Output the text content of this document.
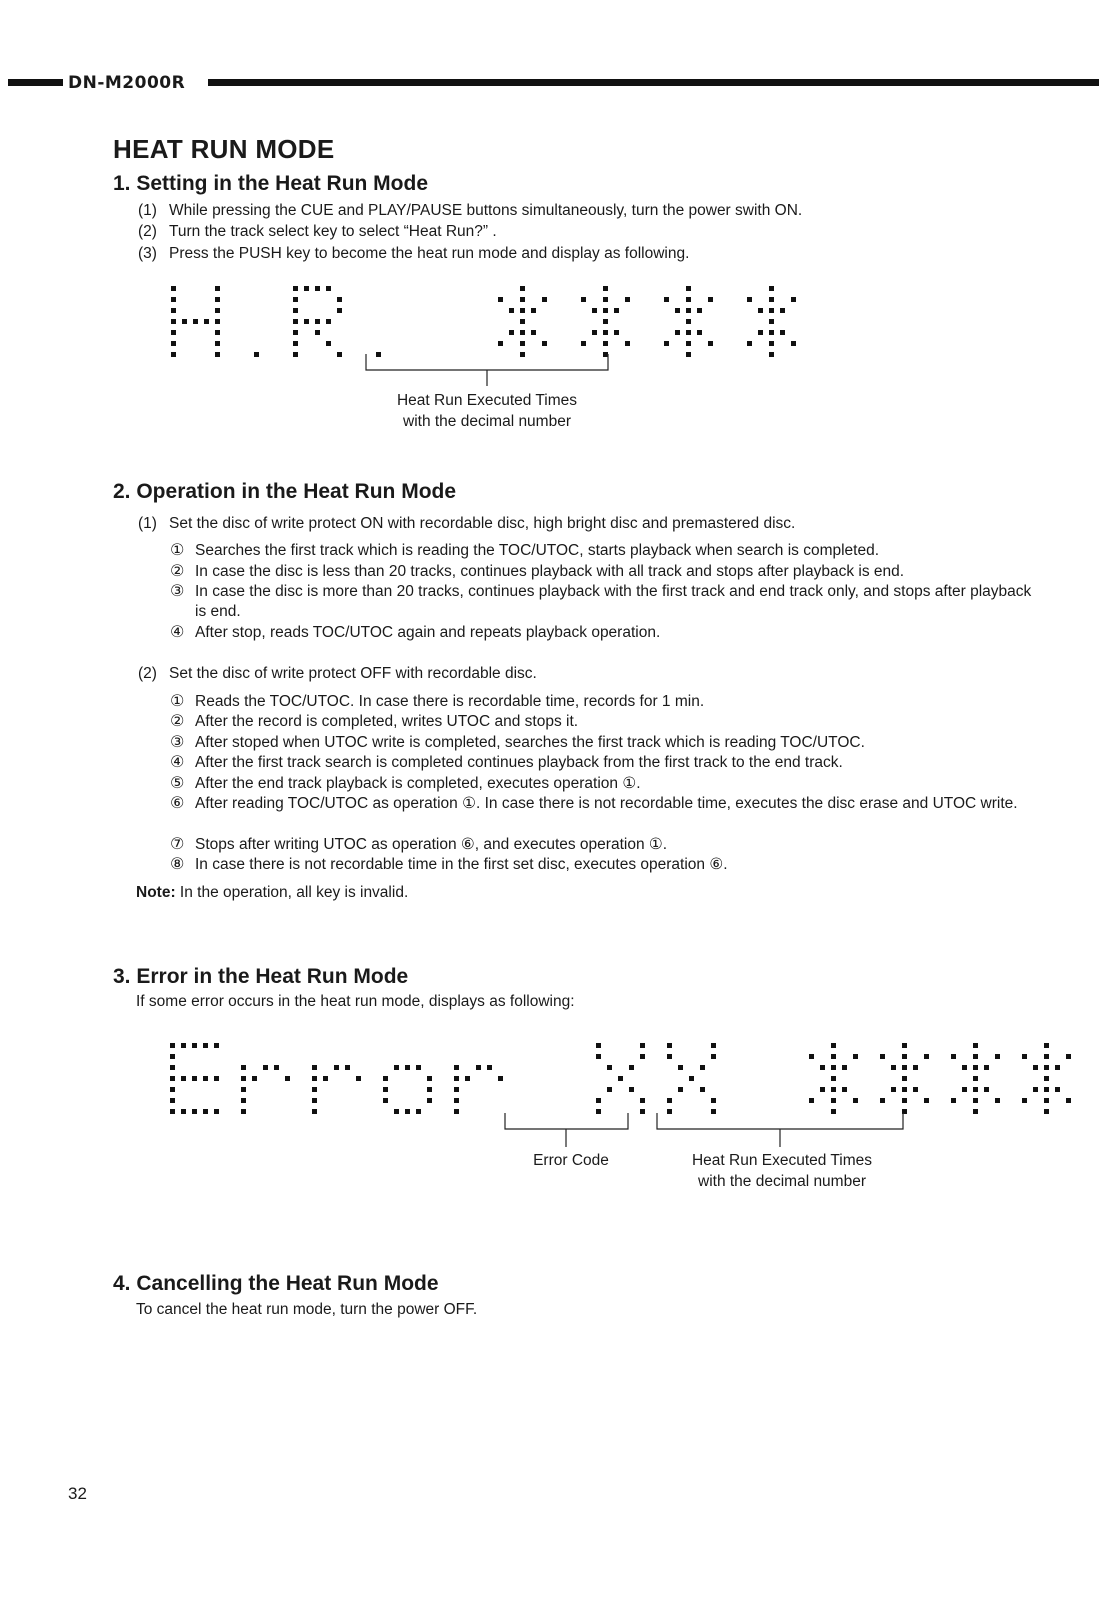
DN-M2000R
HEAT RUN MODE
1. Setting in the Heat Run Mode
(1) While pressing the CUE and PLAY/PAUSE buttons simultaneously, turn the power swith ON.
(2) Turn the track select key to select “Heat Run?” .
(3) Press the PUSH key to become the heat run mode and display as following.
Heat Run Executed Times
with the decimal number
2. Operation in the Heat Run Mode
(1) Set the disc of write protect ON with recordable disc, high bright disc and premastered disc.
① Searches the first track which is reading the TOC/UTOC, starts playback when search is completed.
② In case the disc is less than 20 tracks, continues playback with all track and stops after playback is end.
③ In case the disc is more than 20 tracks, continues playback with the first track and end track only, and stops after playback is end.
④ After stop, reads TOC/UTOC again and repeats playback operation.
(2) Set the disc of write protect OFF with recordable disc.
① Reads the TOC/UTOC. In case there is recordable time, records for 1 min.
② After the record is completed, writes UTOC and stops it.
③ After stoped when UTOC write is completed, searches the first track which is reading TOC/UTOC.
④ After the first track search is completed continues playback from the first track to the end track.
⑤ After the end track playback is completed, executes operation ①.
⑥ After reading TOC/UTOC as operation ①. In case there is not recordable time, executes the disc erase and UTOC write.
⑦ Stops after writing UTOC as operation ⑥, and executes operation ①.
⑧ In case there is not recordable time in the first set disc, executes operation ⑥.
Note: In the operation, all key is invalid.
3. Error in the Heat Run Mode
If some error occurs in the heat run mode, displays as following:
Error Code	Heat Run Executed Times
with the decimal number
4. Cancelling the Heat Run Mode
To cancel the heat run mode, turn the power OFF.
32
